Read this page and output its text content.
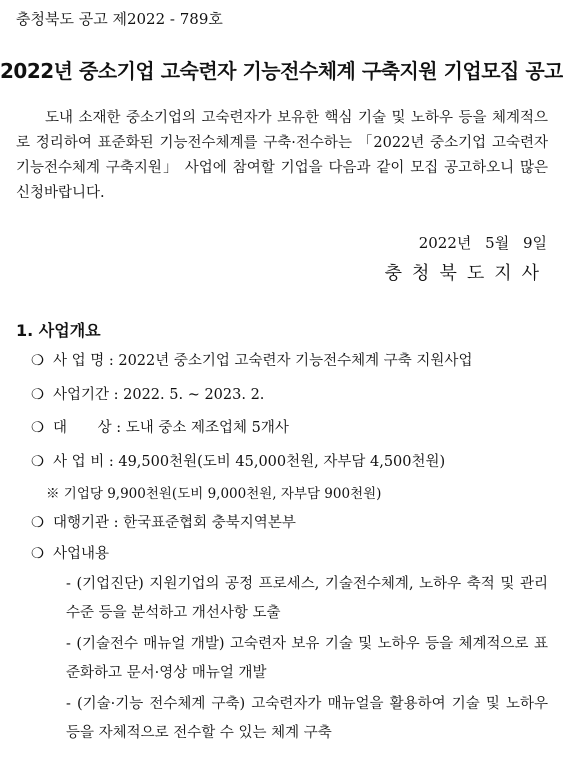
충청북도 공고 제2022 - 789호
2022년 중소기업 고숙련자 기능전수체계 구축지원 기업모집 공고

도내 소재한 중소기업의 고숙련자가 보유한 핵심 기술 및 노하우 등을 체계적으로 정리하여 표준화된 기능전수체계를 구축·전수하는 「2022년 중소기업 고숙련자 기능전수체계 구축지원」 사업에 참여할 기업을 다음과 같이 모집 공고하오니 많은 신청바랍니다.

2022년 5월 9일
충청북도지사
1. 사업개요
❍ 사 업 명 : 2022년 중소기업 고숙련자 기능전수체계 구축 지원사업
❍ 사업기간 : 2022. 5. ~ 2023. 2.
❍ 대 상 : 도내 중소 제조업체 5개사
❍ 사 업 비 : 49,500천원(도비 45,000천원, 자부담 4,500천원)
※ 기업당 9,900천원(도비 9,000천원, 자부담 900천원)
❍ 대행기관 : 한국표준협회 충북지역본부
❍ 사업내용
- (기업진단) 지원기업의 공정 프로세스, 기술전수체계, 노하우 축적 및 관리수준 등을 분석하고 개선사항 도출
- (기술전수 매뉴얼 개발) 고숙련자 보유 기술 및 노하우 등을 체계적으로 표준화하고 문서·영상 매뉴얼 개발
- (기술·기능 전수체계 구축) 고숙련자가 매뉴얼을 활용하여 기술 및 노하우 등을 자체적으로 전수할 수 있는 체계 구축
